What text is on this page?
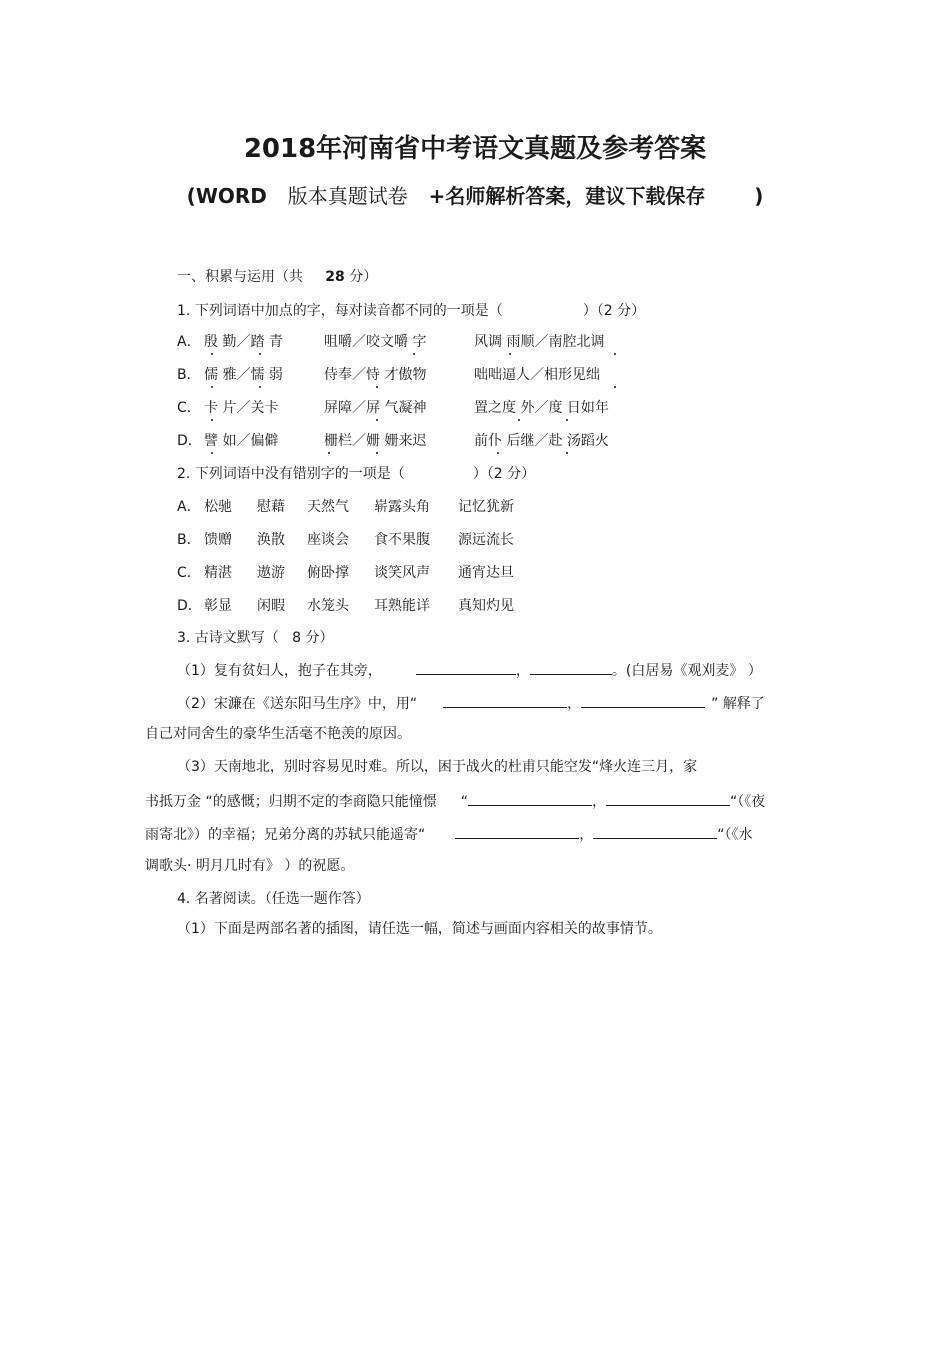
2018年河南省中考语文真题及参考答案
(WORD 版本真题试卷 +名师解析答案，建议下载保存 )
一、积累与运用（共 28 分）
1. 下列词语中加点的字，每对读音都不同的一项是（	）（2 分）
A． 殷 勤／踏 青	咀嚼／咬文嚼 字	风调 雨顺／南腔北调
B． 儒 雅／懦 弱	侍奉／恃 才傲物	咄咄逼人／相形见绌
C． 卡 片／关卡	屏障／屏 气凝神	置之度 外／度 日如年
D． 譬 如／偏僻	栅栏／姗 姗来迟	前仆 后继／赴 汤蹈火
2. 下列词语中没有错别字的一项是（	）（2 分）
A． 松驰 慰藉 天然气 崭露头角 记忆犹新
B． 馈赠 涣散 座谈会 食不果腹 源远流长
C． 精湛 遨游 俯卧撑 谈笑风声 通宵达旦
D． 彰显 闲暇 水笼头 耳熟能详 真知灼见
3. 古诗文默写（ 8 分）
（1）复有贫妇人，抱子在其旁，	，	。(白居易《观刈麦》 ）
（2）宋濂在《送东阳马生序》中，用“	，	” 解释了
自己对同舍生的豪华生活毫不艳羡的原因。
（3）天南地北，别时容易见时难。所以，困于战火的杜甫只能空发“烽火连三月，家
书抵万金 “的感慨；归期不定的李商隐只能憧憬 “	，	“（《夜
雨寄北》）的幸福；兄弟分离的苏轼只能遥寄“	，	“（《水
调歌头· 明月几时有》 ）的祝愿。
4. 名著阅读。（任选一题作答）
（1）下面是两部名著的插图，请任选一幅，简述与画面内容相关的故事情节。
